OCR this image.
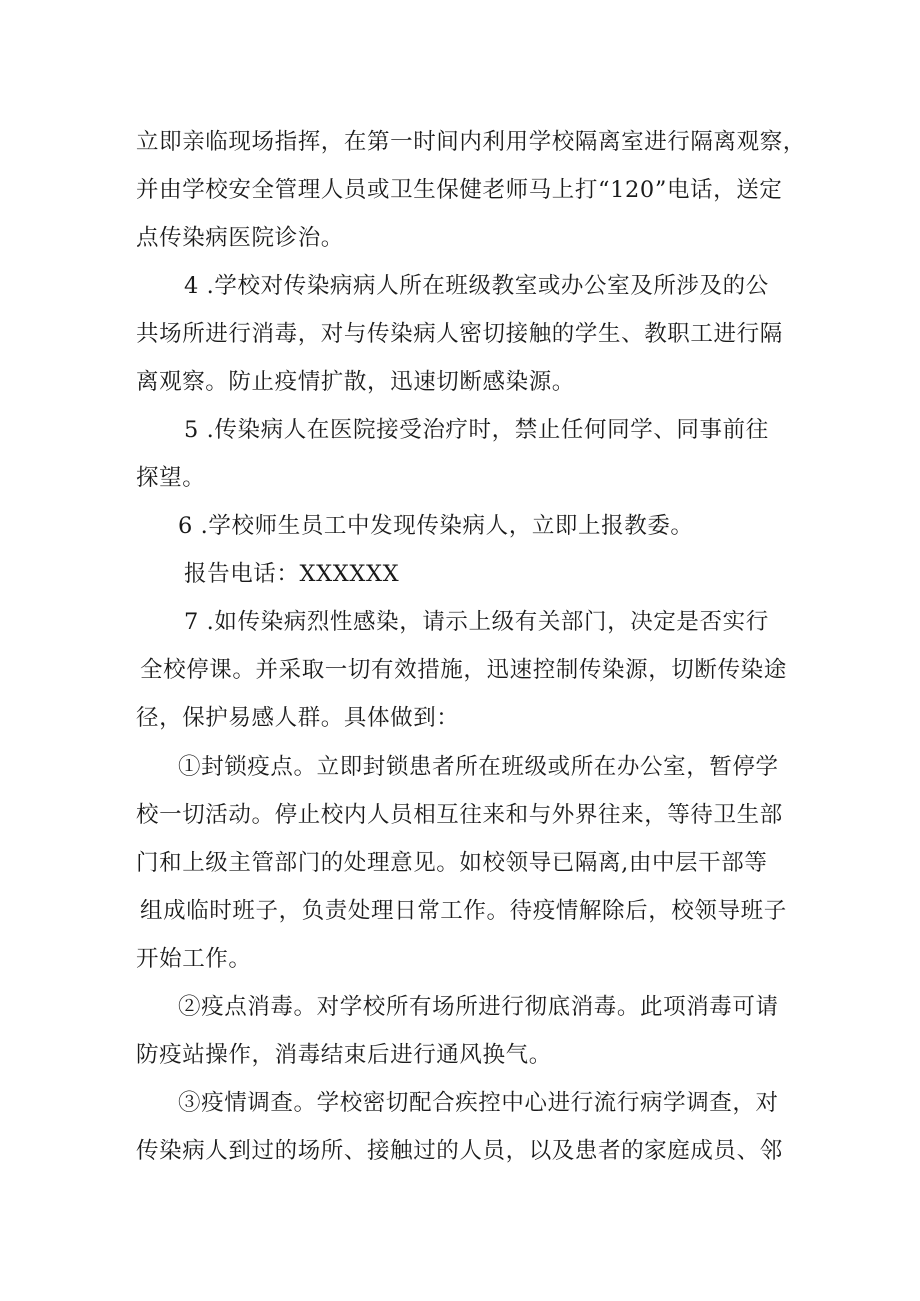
立即亲临现场指挥，在第一时间内利用学校隔离室进行隔离观察，
并由学校安全管理人员或卫生保健老师马上打“120”电话，送定
点传染病医院诊治。
4 .学校对传染病病人所在班级教室或办公室及所涉及的公
共场所进行消毒，对与传染病人密切接触的学生、教职工进行隔
离观察。防止疫情扩散，迅速切断感染源。
5 .传染病人在医院接受治疗时，禁止任何同学、同事前往
探望。
6 .学校师生员工中发现传染病人，立即上报教委。
报告电话：XXXXXX
7 .如传染病烈性感染，请示上级有关部门，决定是否实行
全校停课。并采取一切有效措施，迅速控制传染源，切断传染途
径，保护易感人群。具体做到：
①封锁疫点。立即封锁患者所在班级或所在办公室，暂停学
校一切活动。停止校内人员相互往来和与外界往来，等待卫生部
门和上级主管部门的处理意见。如校领导已隔离,由中层干部等
组成临时班子，负责处理日常工作。待疫情解除后，校领导班子
开始工作。
②疫点消毒。对学校所有场所进行彻底消毒。此项消毒可请
防疫站操作，消毒结束后进行通风换气。
③疫情调查。学校密切配合疾控中心进行流行病学调查，对
传染病人到过的场所、接触过的人员，以及患者的家庭成员、邻
